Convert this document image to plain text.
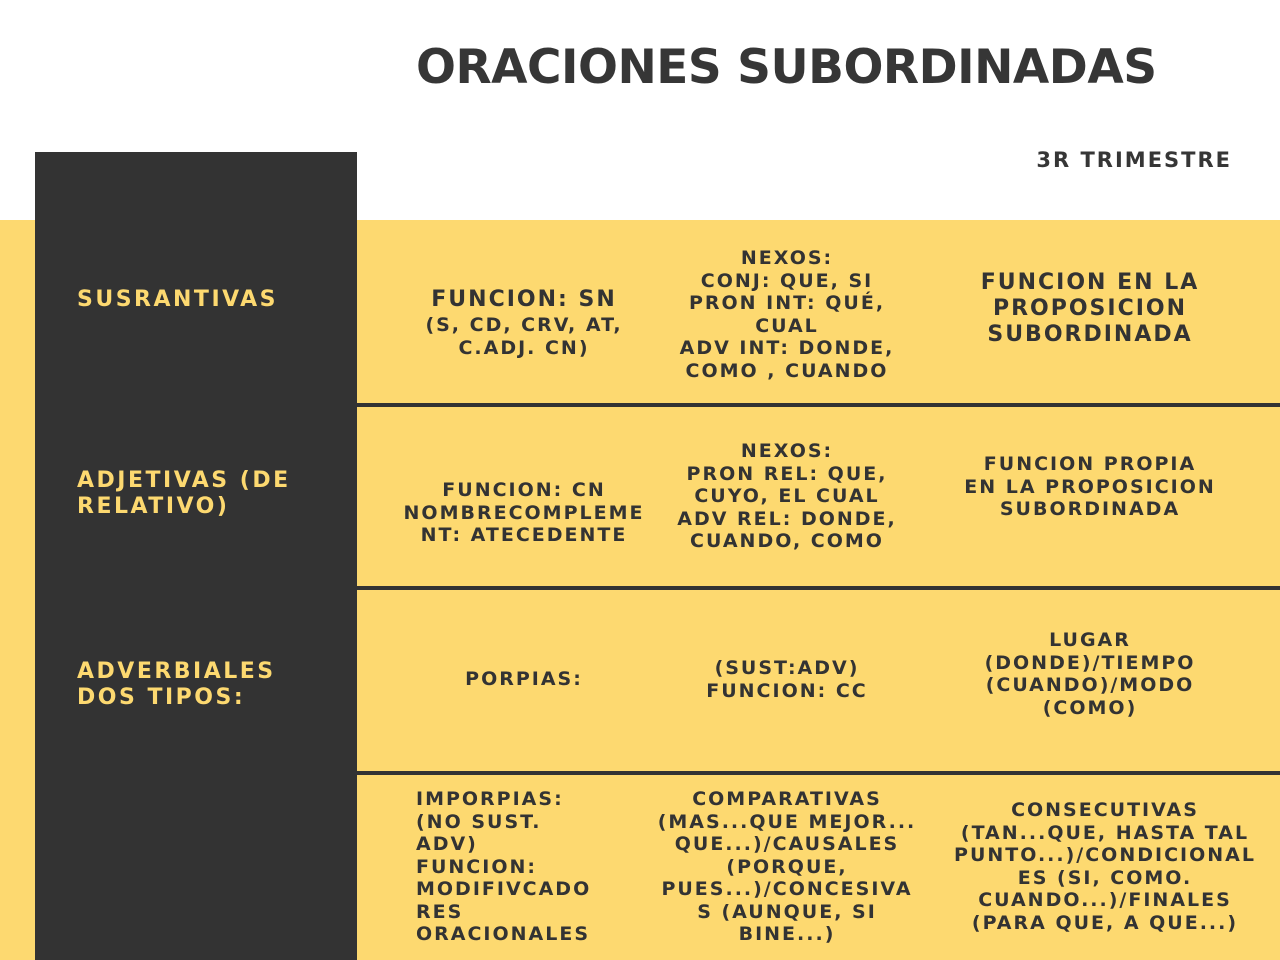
ORACIONES SUBORDINADAS
3R TRIMESTRE
SUSRANTIVAS
ADJETIVAS (DE
RELATIVO)
ADVERBIALES
DOS TIPOS:
FUNCION: SN
(S, CD, CRV, AT,
C.ADJ. CN)
NEXOS:
CONJ: QUE, SI
PRON INT: QUÉ,
CUAL
ADV INT: DONDE,
COMO , CUANDO
FUNCION EN LA
PROPOSICION
SUBORDINADA
FUNCION: CN
NOMBRECOMPLEME
NT: ATECEDENTE
NEXOS:
PRON REL: QUE,
CUYO, EL CUAL
ADV REL: DONDE,
CUANDO, COMO
FUNCION PROPIA
EN LA PROPOSICION
SUBORDINADA
PORPIAS:	(SUST:ADV)
FUNCION: CC
LUGAR
(DONDE)/TIEMPO
(CUANDO)/MODO
(COMO)
IMPORPIAS:
(NO SUST.
ADV)
FUNCION:
MODIFIVCADO
RES
ORACIONALES
COMPARATIVAS
(MAS...QUE MEJOR...
QUE...)/CAUSALES
(PORQUE,
PUES...)/CONCESIVA
S (AUNQUE, SI
BINE...)
CONSECUTIVAS
(TAN...QUE, HASTA TAL
PUNTO...)/CONDICIONAL
ES (SI, COMO.
CUANDO...)/FINALES
(PARA QUE, A QUE...)
